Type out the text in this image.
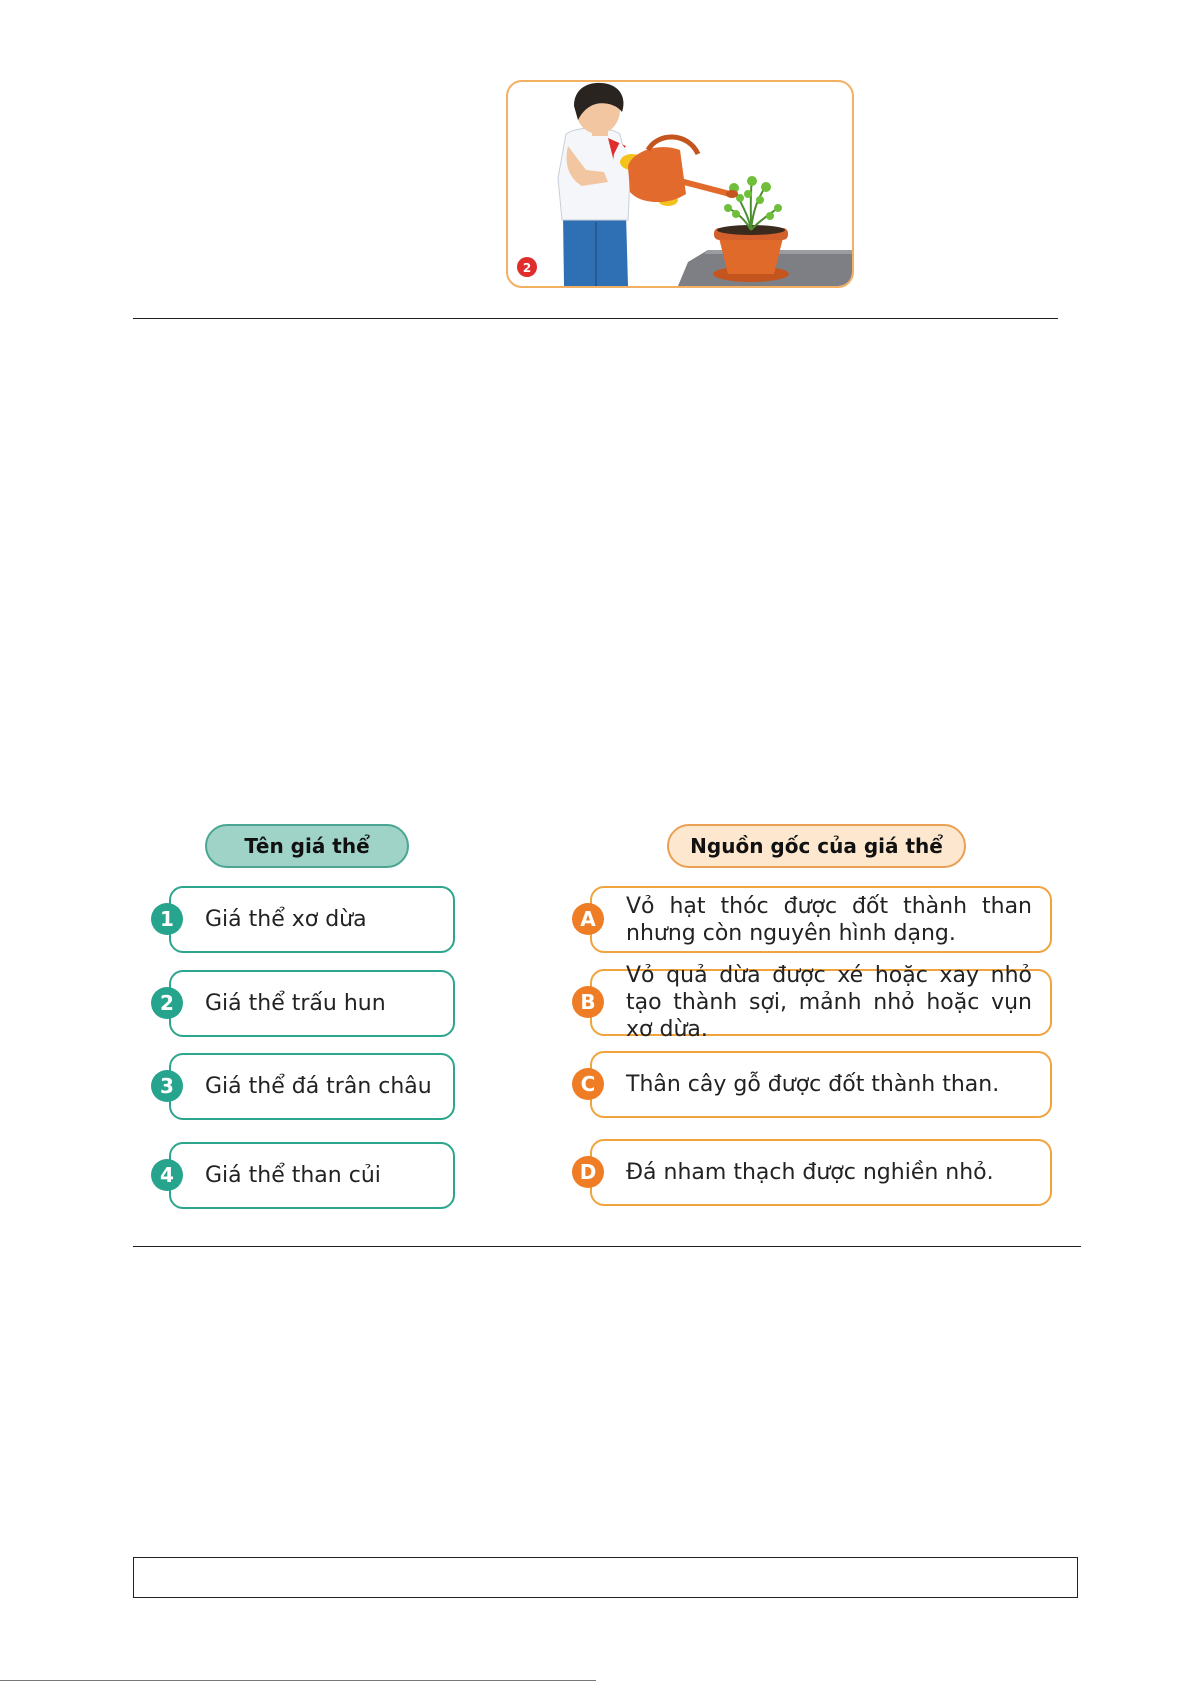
2
Tên giá thể	Nguồn gốc của giá thể
Giá thể xơ dừa
1
Giá thể trấu hun
2
Giá thể đá trân châu
3
Giá thể than củi
4
Vỏ hạt thóc được đốt thành than nhưng còn nguyên hình dạng.
A
Vỏ quả dừa được xé hoặc xay nhỏ tạo thành sợi, mảnh nhỏ hoặc vụn xơ dừa.
B
Thân cây gỗ được đốt thành than.
C
Đá nham thạch được nghiền nhỏ.
D
